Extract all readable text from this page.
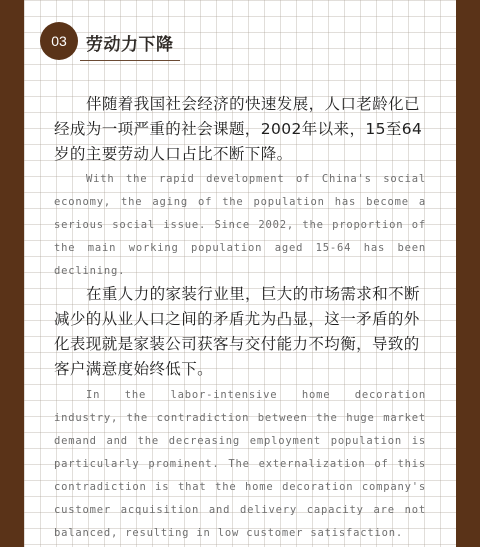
03	劳动力下降
伴随着我国社会经济的快速发展，人口老龄化已经成为一项严重的社会课题，2002年以来，15至64岁的主要劳动人口占比不断下降。
With the rapid development of China's social economy, the aging of the population has become a serious social issue. Since 2002, the proportion of the main working population aged 15-64 has been declining.
在重人力的家装行业里，巨大的市场需求和不断减少的从业人口之间的矛盾尤为凸显，这一矛盾的外化表现就是家装公司获客与交付能力不均衡，导致的客户满意度始终低下。
In the labor-intensive home decoration industry, the contradiction between the huge market demand and the decreasing employment population is particularly prominent. The externalization of this contradiction is that the home decoration company's customer acquisition and delivery capacity are not balanced, resulting in low customer satisfaction.
